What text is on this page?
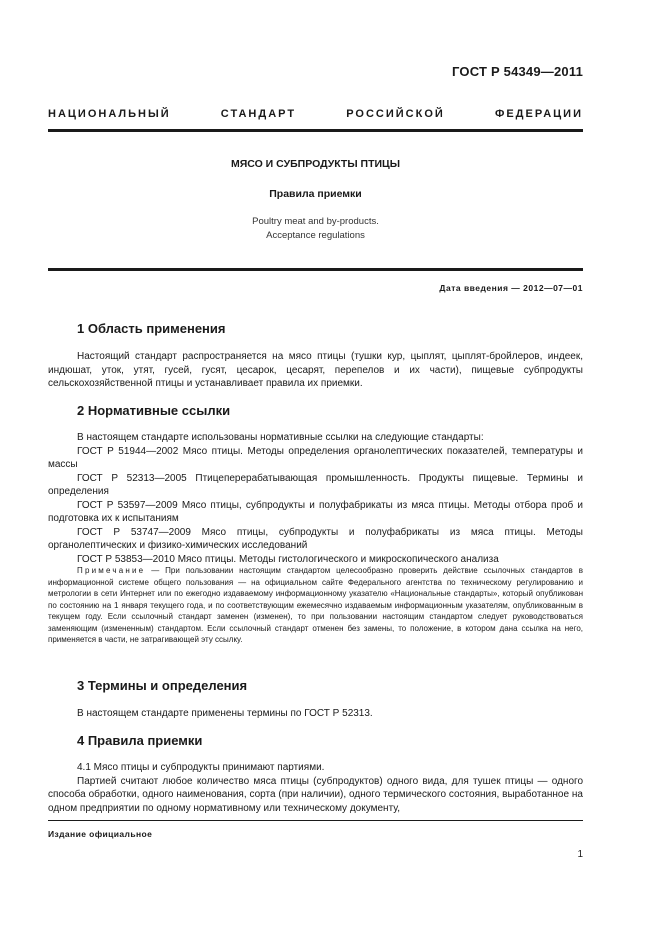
ГОСТ Р 54349—2011
НАЦИОНАЛЬНЫЙ	СТАНДАРТ	РОССИЙСКОЙ	ФЕДЕРАЦИИ
МЯСО И СУБПРОДУКТЫ ПТИЦЫ
Правила приемки
Poultry meat and by-products.
Acceptance regulations
Дата введения — 2012—07—01
1 Область применения

Настоящий стандарт распространяется на мясо птицы (тушки кур, цыплят, цыплят-бройлеров, индеек, индюшат, уток, утят, гусей, гусят, цесарок, цесарят, перепелов и их части), пищевые субпродукты сельскохозяйственной птицы и устанавливает правила их приемки.

2 Нормативные ссылки

В настоящем стандарте использованы нормативные ссылки на следующие стандарты:

ГОСТ Р 51944—2002 Мясо птицы. Методы определения органолептических показателей, температуры и массы

ГОСТ Р 52313—2005 Птицеперерабатывающая промышленность. Продукты пищевые. Термины и определения

ГОСТ Р 53597—2009 Мясо птицы, субпродукты и полуфабрикаты из мяса птицы. Методы отбора проб и подготовка их к испытаниям

ГОСТ Р 53747—2009 Мясо птицы, субпродукты и полуфабрикаты из мяса птицы. Методы органолептических и физико-химических исследований

ГОСТ Р 53853—2010 Мясо птицы. Методы гистологического и микроскопического анализа

Примечание — При пользовании настоящим стандартом целесообразно проверить действие ссылочных стандартов в информационной системе общего пользования — на официальном сайте Федерального агентства по техническому регулированию и метрологии в сети Интернет или по ежегодно издаваемому информационному указателю «Национальные стандарты», который опубликован по состоянию на 1 января текущего года, и по соответствующим ежемесячно издаваемым информационным указателям, опубликованным в текущем году. Если ссылочный стандарт заменен (изменен), то при пользовании настоящим стандартом следует руководствоваться заменяющим (измененным) стандартом. Если ссылочный стандарт отменен без замены, то положение, в котором дана ссылка на него, применяется в части, не затрагивающей эту ссылку.

3 Термины и определения

В настоящем стандарте применены термины по ГОСТ Р 52313.

4 Правила приемки

4.1 Мясо птицы и субпродукты принимают партиями.

Партией считают любое количество мяса птицы (субпродуктов) одного вида, для тушек птицы — одного способа обработки, одного наименования, сорта (при наличии), одного термического состояния, выработанное на одном предприятии по одному нормативному или техническому документу,

Издание официальное
1
